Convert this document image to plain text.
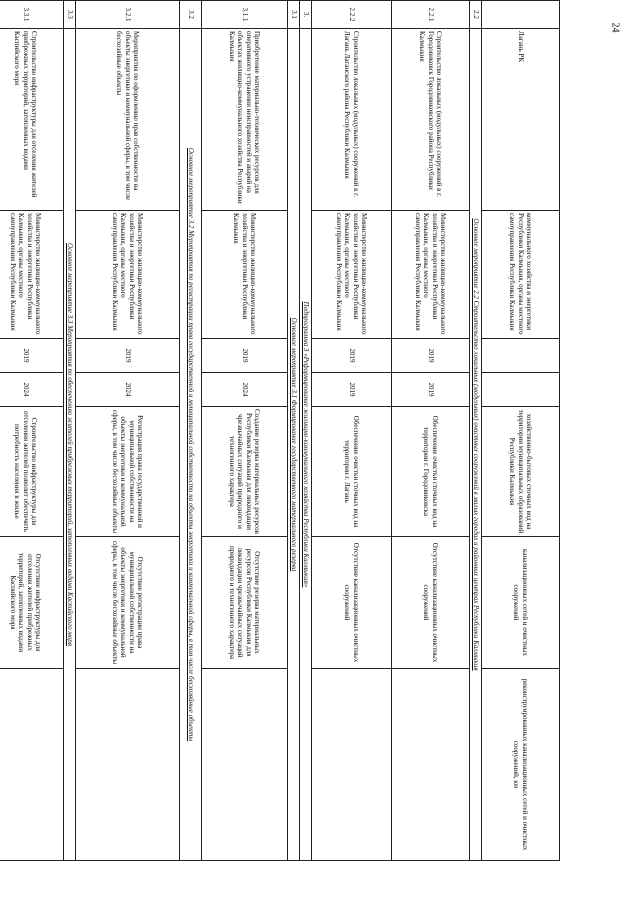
24
	Лагань РК	коммунального хозяйства и энергетики Республики Калмыкия, органы местного самоуправления Республики Калмыкия			хозяйственно-бытовых сточных вод на территории муниципальных образований Республики Калмыкия	канализационных сетей и очистных сооружений	реконструированных канализационных сетей и очистных сооружений, км
2.2	Основное мероприятие 2.2 Строительство локальных (модульных) очистных сооружений в малых городах и районных центрах Республики Калмыкия						
2.2.1	Строительство локальных (модульных) сооружений в г. Городовиковск Городовиковского района Республики Калмыкия	Министерство жилищно-коммунального хозяйства и энергетики Республики Калмыкия, органы местного самоуправления Республики Калмыкия	2019	2019	Обеспечение очистки сточных вод на территории г. Городовиковска	Отсутствие канализационных очистных сооружений	
2.2.2	Строительство локальных (модульных) сооружений в г. Лагань Лаганского района Республики Калмыкия	Министерство жилищно-коммунального хозяйства и энергетики Республики Калмыкия, органы местного самоуправления Республики Калмыкия	2019	2019	Обеспечение очистки сточных вод на территории г. Лагань	Отсутствие канализационных очистных сооружений	
3.	Подпрограмма 3 «Реформирование жилищно-коммунального хозяйства Республики Калмыкия»						
3.1	Основное мероприятие 3.1 Формирование государственного материального резерва						
3.1.1	Приобретение материально-технических ресурсов для оперативного устранения неисправностей и аварий на объектах жилищно-коммунального хозяйства Республики Калмыкия	Министерство жилищно-коммунального хозяйства и энергетики Республики Калмыкия	2019	2024	Создание резерва материальных ресурсов Республики Калмыкия для ликвидации чрезвычайных ситуаций природного и техногенного характера	Отсутствие резерва материальных ресурсов Республики Калмыкия для ликвидации чрезвычайных ситуаций природного и техногенного характера	
3.2	Основное мероприятие 3.2 Мероприятия по регистрации права государственной и муниципальной собственности на объекты энергетики и коммунальной сферы, в том числе бесхозяйные объекты						
3.2.1	Мероприятия по оформлению прав собственности на объекты энергетики и коммунальной сферы, в том числе бесхозяйные объекты	Министерство жилищно-коммунального хозяйства и энергетики Республики Калмыкия, органы местного самоуправления Республики Калмыкия	2019	2024	Регистрация права государственной и муниципальной собственности на объекты энергетики и коммунальной сферы, в том числе бесхозяйные объекты	Отсутствие регистрации права муниципальной собственности на объекты энергетики и коммунальной сферы, в том числе бесхозяйные объекты	
3.3	Основное мероприятие 3.3 Мероприятия по обеспечению жителей прибрежных территорий, затопленных водами Каспийского моря						
3.3.1	Строительство инфраструктуры для отселения жителей прибрежных территорий, затопленных водами Каспийского моря	Министерство жилищно-коммунального хозяйства и энергетики Республики Калмыкия, органы местного самоуправления Республики Калмыкия	2019	2024	Строительство инфраструктуры для отселения жителей позволит обеспечить потребность населения в жилье	Отсутствие инфраструктуры для отселения жителей прибрежных территорий, затопленных водами Каспийского моря	
